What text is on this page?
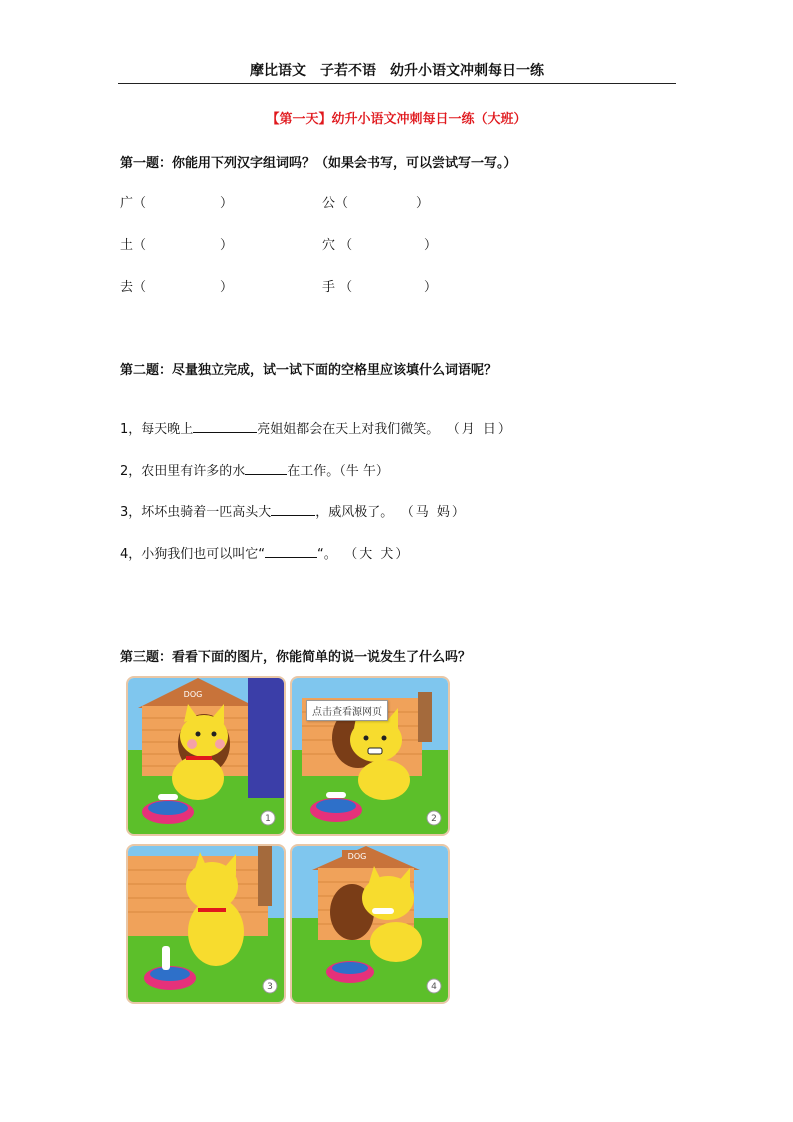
摩比语文　子若不语　幼升小语文冲刺每日一练
【第一天】幼升小语文冲刺每日一练（大班）
第一题：你能用下列汉字组词吗？（如果会书写，可以尝试写一写。）
广（	）	公（	）
土（	）	穴 （	）
去（	）	手 （	）
第二题：尽量独立完成，试一试下面的空格里应该填什么词语呢？
1，每天晚上	亮姐姐都会在天上对我们微笑。 （月 日）
2，农田里有许多的水	在工作。（牛 午）
3，坏坏虫骑着一匹高头大	，威风极了。 （马 妈）
4，小狗我们也可以叫它“	“。 （大 犬）
第三题：看看下面的图片，你能简单的说一说发生了什么吗？
DOG
1	2
3
DOG
4
点击查看源网页
